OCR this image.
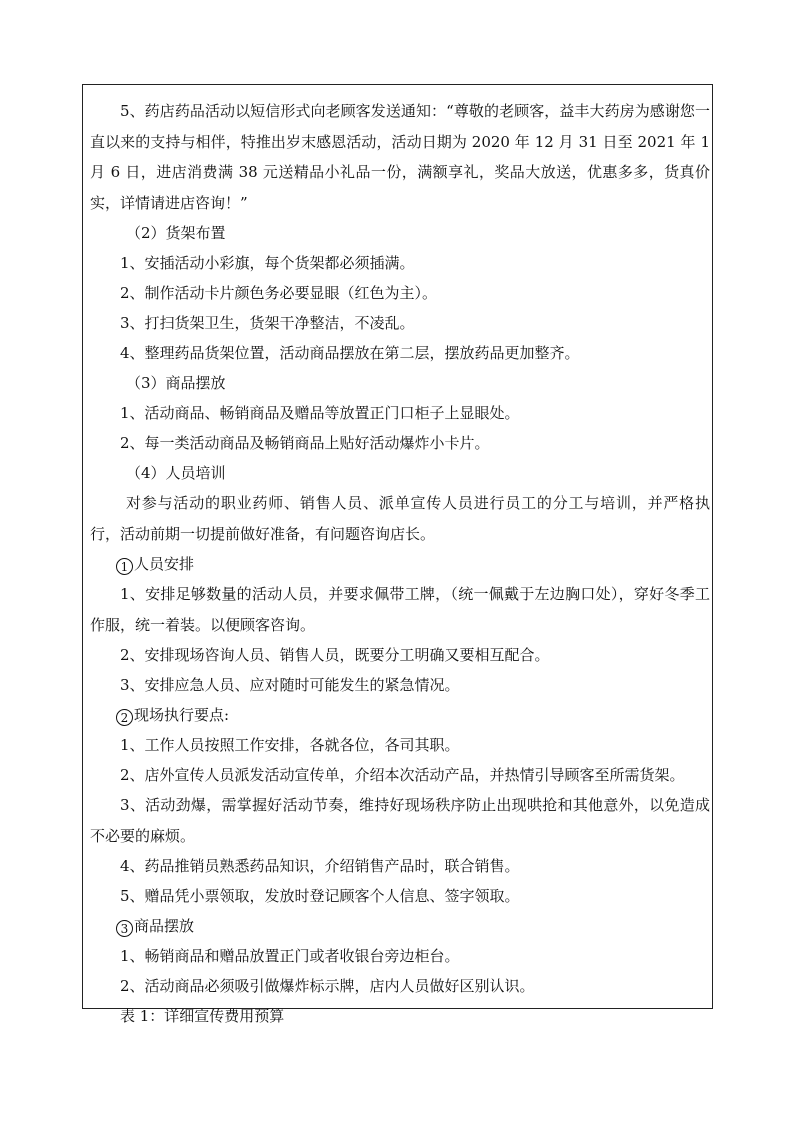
5、药店药品活动以短信形式向老顾客发送通知：“尊敬的老顾客，益丰大药房为感谢您一直以来的支持与相伴，特推出岁末感恩活动，活动日期为 2020 年 12 月 31 日至 2021 年 1 月 6 日，进店消费满 38 元送精品小礼品一份，满额享礼，奖品大放送，优惠多多，货真价实，详情请进店咨询！”

（2）货架布置
1、安插活动小彩旗，每个货架都必须插满。
2、制作活动卡片颜色务必要显眼（红色为主）。
3、打扫货架卫生，货架干净整洁，不凌乱。
4、整理药品货架位置，活动商品摆放在第二层，摆放药品更加整齐。
（3）商品摆放
1、活动商品、畅销商品及赠品等放置正门口柜子上显眼处。
2、每一类活动商品及畅销商品上贴好活动爆炸小卡片。
（4）人员培训

对参与活动的职业药师、销售人员、派单宣传人员进行员工的分工与培训，并严格执行，活动前期一切提前做好准备，有问题咨询店长。

1 人员安排

1、安排足够数量的活动人员，并要求佩带工牌，（统一佩戴于左边胸口处），穿好冬季工作服，统一着装。以便顾客咨询。

2、安排现场咨询人员、销售人员，既要分工明确又要相互配合。
3、安排应急人员、应对随时可能发生的紧急情况。
2 现场执行要点:
1、工作人员按照工作安排，各就各位，各司其职。
2、店外宣传人员派发活动宣传单，介绍本次活动产品，并热情引导顾客至所需货架。

3、活动劲爆，需掌握好活动节奏，维持好现场秩序防止出现哄抢和其他意外，以免造成不必要的麻烦。

4、药品推销员熟悉药品知识，介绍销售产品时，联合销售。
5、赠品凭小票领取，发放时登记顾客个人信息、签字领取。
3 商品摆放
1、畅销商品和赠品放置正门或者收银台旁边柜台。
2、活动商品必须吸引做爆炸标示牌，店内人员做好区别认识。
表 1：详细宣传费用预算
